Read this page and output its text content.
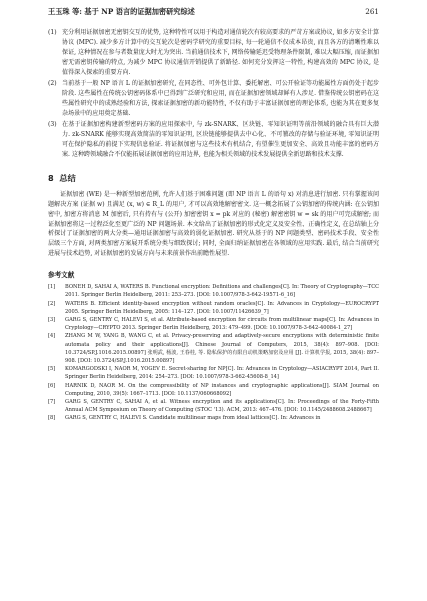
王玉珠 等: 基于 NP 语言的证据加密研究综述	261
(1) 充分利用证据加密无密钥交互的优势, 这种特性可以用于构造对通信轮次有较高要求的严苛方案或协议, 如多方安全计算协议 (MPC). 减少多方计算中的交互轮次是密码学研究的重要目标, 每一轮通信不仅成本昂贵, 而且各方的清晰性难以保证, 这种情况在参与者数量庞大时尤为突出. 当前通信技术下, 网络传输延迟受物理条件限制, 难以大幅压缩, 而证据加密无需密钥传输的特点, 为减少 MPC 协议通信开销提供了新路径. 如何充分发挥这一特性, 构建高效的 MPC 协议, 是值得深入探索的重要方向.
(2) 当前基于一般 NP 语言 L 的证据加密研究, 在同态性、可外包计算、委托解密、可公开验证等功能属性方面仍处于起步阶段. 这些属性在传统公钥密码体系中已得到广泛研究和应用, 而在证据加密领域却鲜有人涉足. 借鉴传统公钥密码在这些属性研究中的成熟经验和方法, 探索证据加密的新功能特性, 不仅有助于丰富证据加密的理论体系, 也能为其在更多复杂场景中的应用奠定基础.
(3) 在基于证据加密构建新型密码方案的应用探索中, 与 zk-SNARK、区块链、零知识证明等前沿领域的融合具有巨大潜力. zk-SNARK 能够实现高效简洁的零知识证明, 区块链能够提供去中心化、不可篡改的存储与验证环境, 零知识证明可在保护隐私的前提下实现信息验证. 将证据加密与这些技术有机结合, 有望催生更加安全、高效且功能丰富的密码方案. 这种跨领域融合不仅能拓展证据加密的应用边界, 也能为相关领域的技术发展提供全新思路和技术支撑.
8 总结
证据加密 (WE) 是一种新型加密范例, 允许人们基于困难问题 (即 NP 语言 L 的语句 x) 对消息进行加密. 只有掌握该问题解决方案 (证据 w) 且满足 (x, w) ∈ R_L 的用户, 才可以高效地解密密文. 这一概念拓展了公钥加密的传统内涵: 在公钥加密中, 加密方将消息 M 加密后, 只有持有与 (公开) 加密密钥 x = pk 对应的 (秘密) 解密密钥 w = sk 的用户可完成解密; 而证据加密将这一过程泛化至更广泛的 NP 问题场景. 本文给出了证据加密的形式化定义及安全性、正确性定义, 在总结轴上分析探讨了证据加密的两大分类—通用证据加密与高效的弱化证据加密. 研究从基于的 NP 问题类型、密码技术手段、安全性层级三个方面, 对两类加密方案展开系统分类与细致探讨; 同时, 全面归纳证据加密在各领域的应用实践. 最后, 结合当前研究进展与技术趋势, 对证据加密的发展方向与未来前景作出前瞻性展望.
参考文献
[1]	BONEH D, SAHAI A, WATERS B. Functional encryption: Definitions and challenges[C]. In: Theory of Cryptography—TCC 2011. Springer Berlin Heidelberg, 2011: 253–273. [DOI: 10.1007/978-3-642-19571-6_16]
[2]	WATERS B. Efficient identity-based encryption without random oracles[C]. In: Advances in Cryptology—EUROCRYPT 2005. Springer Berlin Heidelberg, 2005: 114–127. [DOI: 10.1007/11426639_7]
[3]	GARG S, GENTRY C, HALEVI S, et al. Attribute-based encryption for circuits from multilinear maps[C]. In: Advances in Cryptology—CRYPTO 2013. Springer Berlin Heidelberg, 2013: 479–499. [DOI: 10.1007/978-3-642-40084-1_27]
[4]	ZHANG M W, YANG B, WANG C, et al. Privacy-preserving and adaptively-secure encryptions with deterministic finite automata policy and their applications[J]. Chinese Journal of Computers, 2015, 38(4): 897–908. [DOI: 10.3724/SP.J.1016.2015.00897] 张明武, 杨波, 王春桂, 等. 隐私保护的有限自动机策略加密及应用 [J]. 计算机学报, 2015, 38(4): 897–908. [DOI: 10.3724/SP.J.1016.2015.00897]
[5]	KOMARGODSKI I, NAOR M, YOGEV E. Secret-sharing for NP[C]. In: Advances in Cryptology—ASIACRYPT 2014, Part II. Springer Berlin Heidelberg, 2014: 254–273. [DOI: 10.1007/978-3-662-45608-8_14]
[6]	HARNIK D, NAOR M. On the compressibility of NP instances and cryptographic applications[J]. SIAM Journal on Computing, 2010, 39(5): 1667–1713. [DOI: 10.1137/060668092]
[7]	GARG S, GENTRY C, SAHAI A, et al. Witness encryption and its applications[C]. In: Proceedings of the Forty-Fifth Annual ACM Symposium on Theory of Computing (STOC '13). ACM, 2013: 467–476. [DOI: 10.1145/2488608.2488667]
[8]	GARG S, GENTRY C, HALEVI S. Candidate multilinear maps from ideal lattices[C]. In: Advances in
